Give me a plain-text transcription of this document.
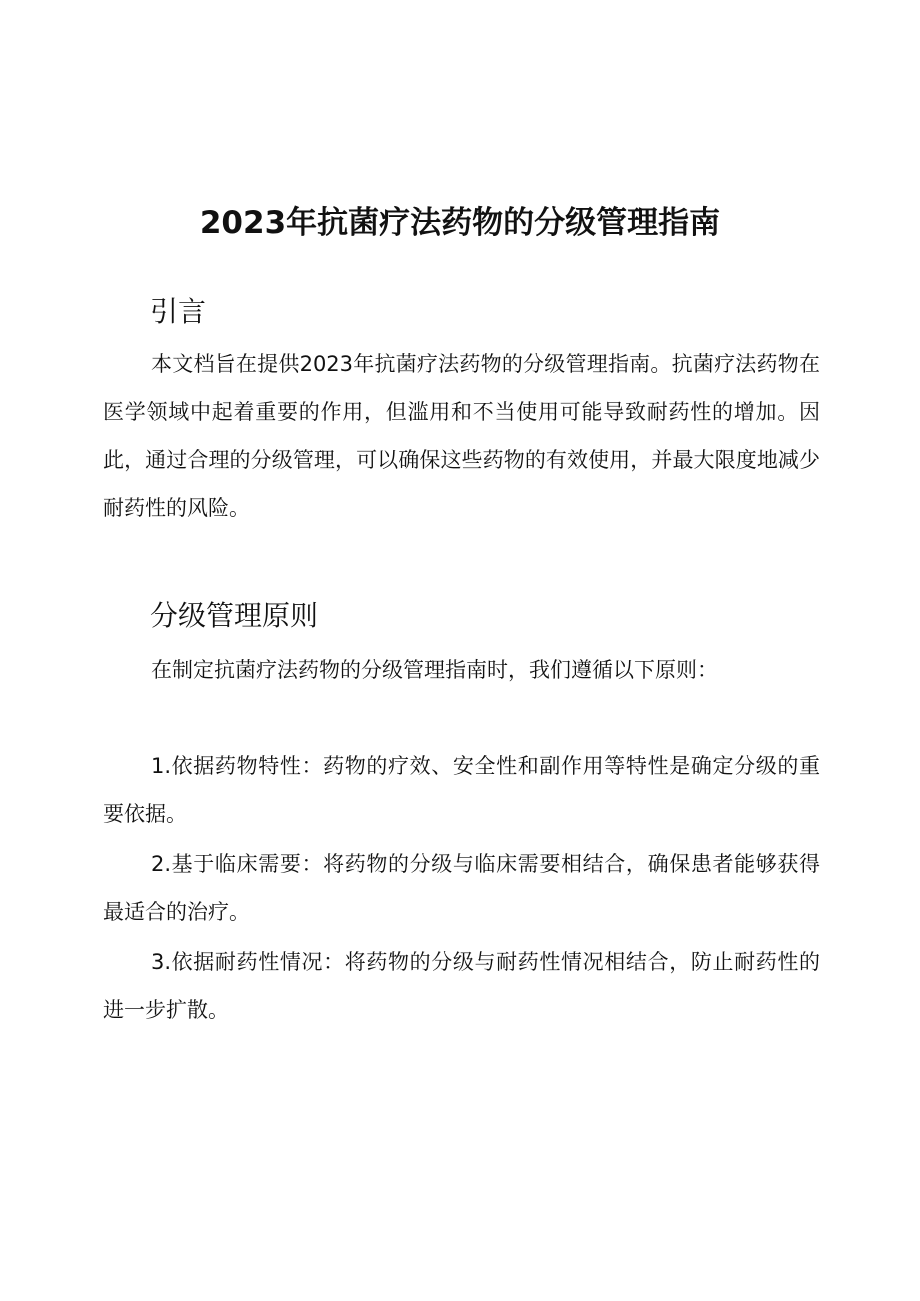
2023年抗菌疗法药物的分级管理指南
引言

本文档旨在提供2023年抗菌疗法药物的分级管理指南。抗菌疗法药物在医学领域中起着重要的作用，但滥用和不当使用可能导致耐药性的增加。因此，通过合理的分级管理，可以确保这些药物的有效使用，并最大限度地减少耐药性的风险。

分级管理原则

在制定抗菌疗法药物的分级管理指南时，我们遵循以下原则：

1.依据药物特性：药物的疗效、安全性和副作用等特性是确定分级的重要依据。

2.基于临床需要：将药物的分级与临床需要相结合，确保患者能够获得最适合的治疗。

3.依据耐药性情况：将药物的分级与耐药性情况相结合，防止耐药性的进一步扩散。
